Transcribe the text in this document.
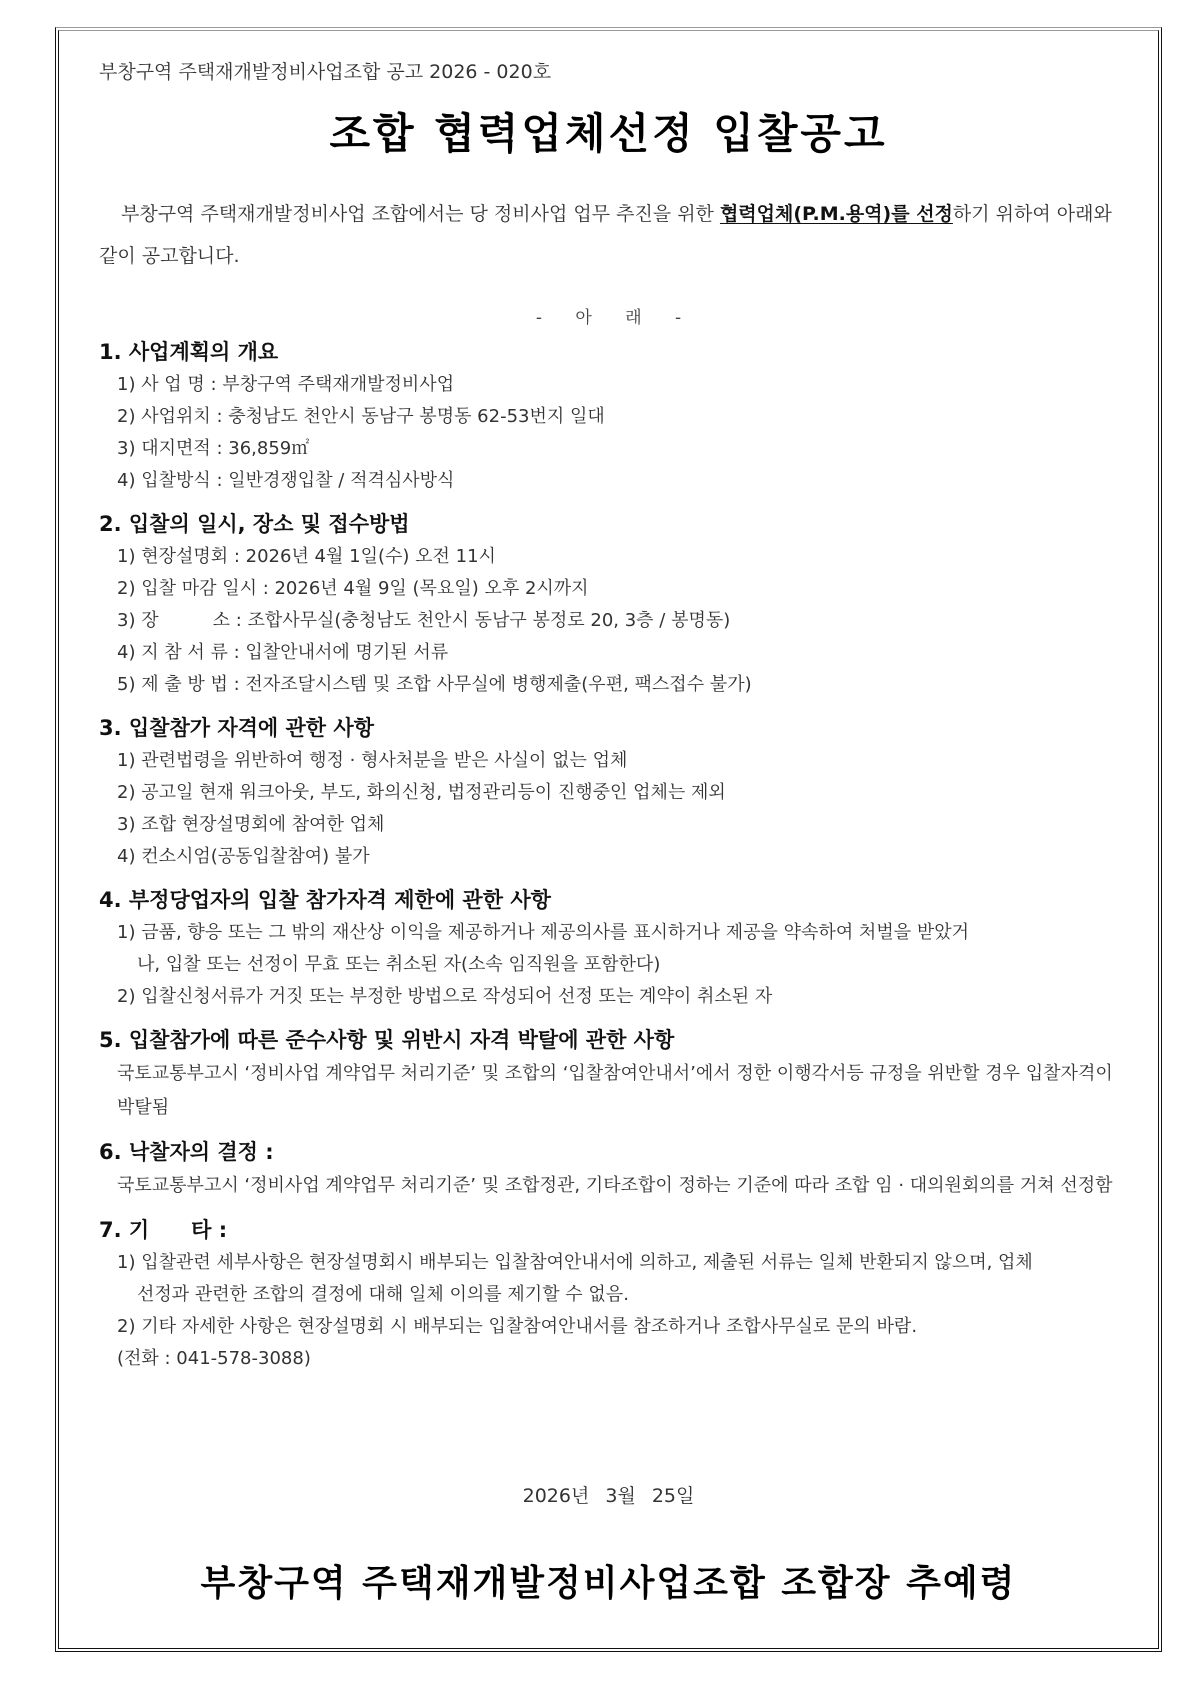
부창구역 주택재개발정비사업조합 공고 2026 - 020호
조합 협력업체선정 입찰공고
부창구역 주택재개발정비사업 조합에서는 당 정비사업 업무 추진을 위한 협력업체(P.M.용역)를 선정하기 위하여 아래와 같이 공고합니다.
- 아 래 -
1. 사업계획의 개요
1) 사 업 명 : 부창구역 주택재개발정비사업
2) 사업위치 : 충청남도 천안시 동남구 봉명동 62-53번지 일대
3) 대지면적 : 36,859㎡
4) 입찰방식 : 일반경쟁입찰 / 적격심사방식
2. 입찰의 일시, 장소 및 접수방법
1) 현장설명회 : 2026년 4월 1일(수) 오전 11시
2) 입찰 마감 일시 : 2026년 4월 9일 (목요일) 오후 2시까지
3) 장　　　소 : 조합사무실(충청남도 천안시 동남구 봉정로 20, 3층 / 봉명동)
4) 지 참 서 류 : 입찰안내서에 명기된 서류
5) 제 출 방 법 : 전자조달시스템 및 조합 사무실에 병행제출(우편, 팩스접수 불가)
3. 입찰참가 자격에 관한 사항
1) 관련법령을 위반하여 행정 · 형사처분을 받은 사실이 없는 업체
2) 공고일 현재 워크아웃, 부도, 화의신청, 법정관리등이 진행중인 업체는 제외
3) 조합 현장설명회에 참여한 업체
4) 컨소시엄(공동입찰참여) 불가
4. 부정당업자의 입찰 참가자격 제한에 관한 사항
1) 금품, 향응 또는 그 밖의 재산상 이익을 제공하거나 제공의사를 표시하거나 제공을 약속하여 처벌을 받았거
나, 입찰 또는 선정이 무효 또는 취소된 자(소속 임직원을 포함한다)
2) 입찰신청서류가 거짓 또는 부정한 방법으로 작성되어 선정 또는 계약이 취소된 자
5. 입찰참가에 따른 준수사항 및 위반시 자격 박탈에 관한 사항
국토교통부고시 ‘정비사업 계약업무 처리기준’ 및 조합의 ‘입찰참여안내서’에서 정한 이행각서등 규정을 위반할 경우 입찰자격이 박탈됨
6. 낙찰자의 결정 :
국토교통부고시 ‘정비사업 계약업무 처리기준’ 및 조합정관, 기타조합이 정하는 기준에 따라 조합 임 · 대의원회의를 거쳐 선정함
7. 기　　타 :
1) 입찰관련 세부사항은 현장설명회시 배부되는 입찰참여안내서에 의하고, 제출된 서류는 일체 반환되지 않으며, 업체
선정과 관련한 조합의 결정에 대해 일체 이의를 제기할 수 없음.
2) 기타 자세한 사항은 현장설명회 시 배부되는 입찰참여안내서를 참조하거나 조합사무실로 문의 바람.
(전화 : 041-578-3088)
2026년 3월 25일
부창구역 주택재개발정비사업조합 조합장 추예령
